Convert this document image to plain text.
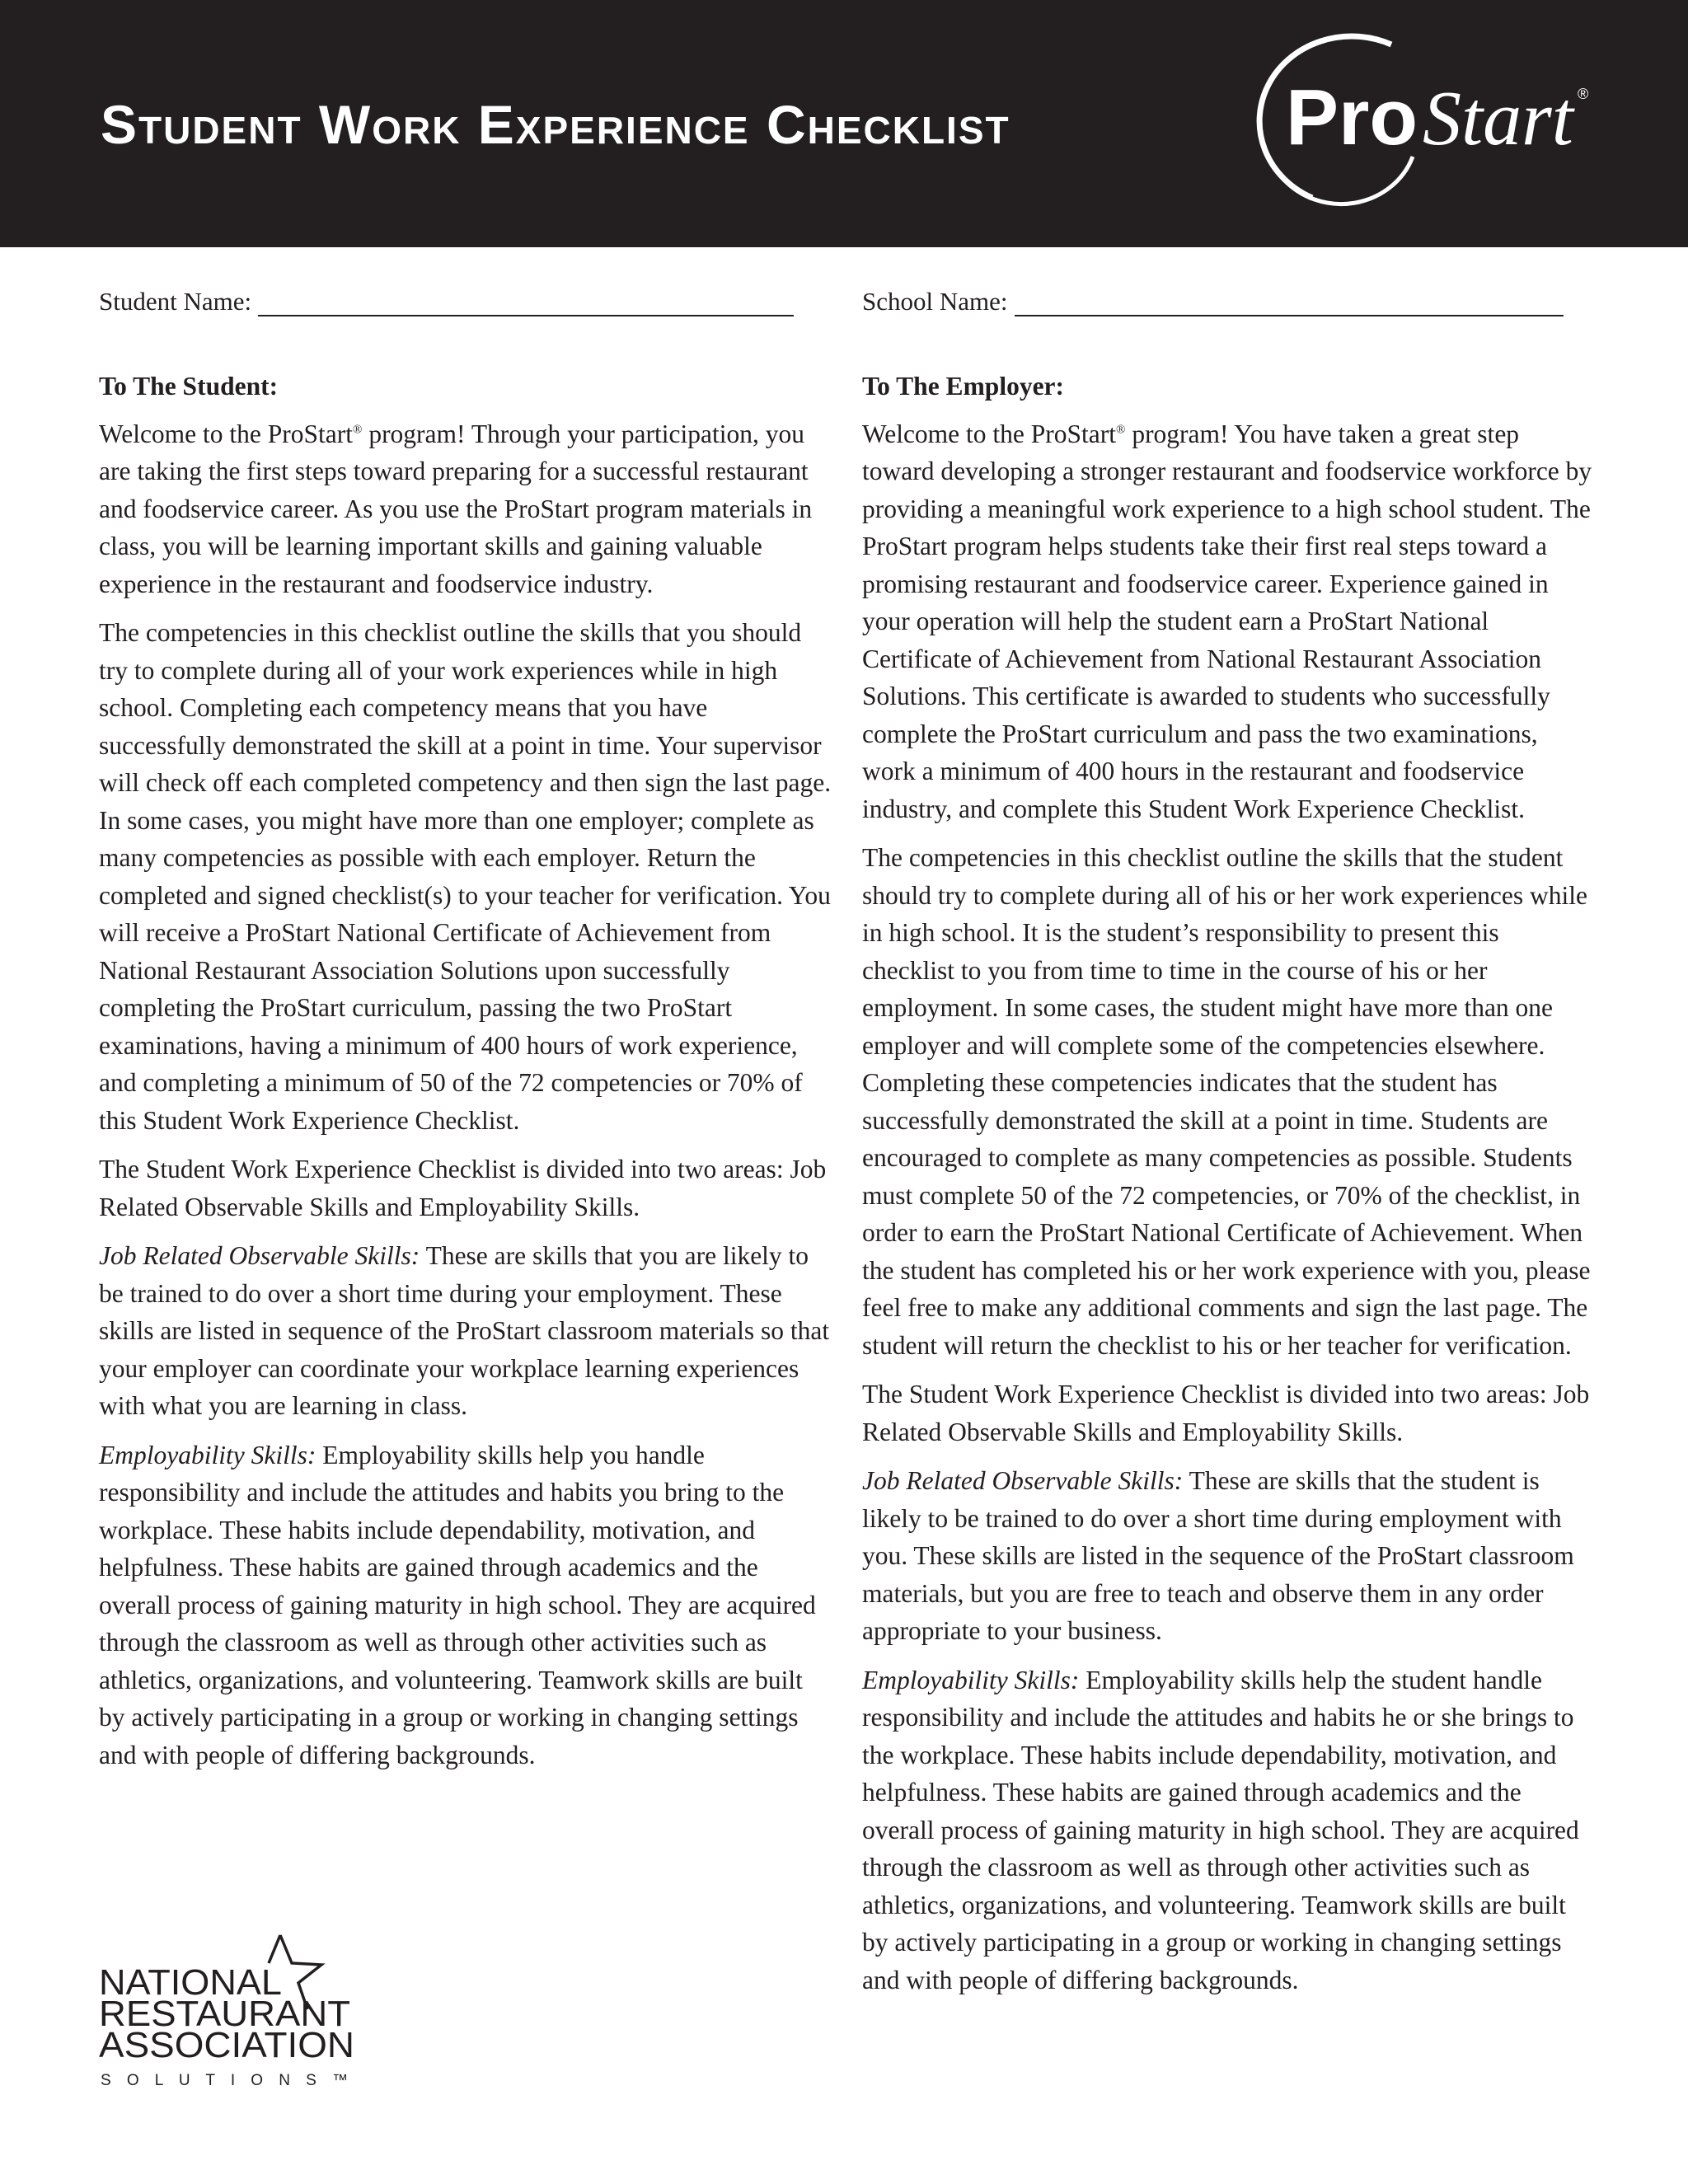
Student Work Experience Checklist	Pro Start ®
Student Name:	School Name:
To The Student:

Welcome to the ProStart® program! Through your participation, you are taking the first steps toward preparing for a successful restaurant and foodservice career. As you use the ProStart program materials in class, you will be learning important skills and gaining valuable experience in the restaurant and foodservice industry.

The competencies in this checklist outline the skills that you should try to complete during all of your work experiences while in high school. Completing each competency means that you have successfully demonstrated the skill at a point in time. Your supervisor will check off each completed competency and then sign the last page. In some cases, you might have more than one employer; complete as many competencies as possible with each employer. Return the completed and signed checklist(s) to your teacher for verification. You will receive a ProStart National Certificate of Achievement from National Restaurant Association Solutions upon successfully completing the ProStart curriculum, passing the two ProStart examinations, having a minimum of 400 hours of work experience, and completing a minimum of 50 of the 72 competencies or 70% of this Student Work Experience Checklist.

The Student Work Experience Checklist is divided into two areas: Job Related Observable Skills and Employability Skills.

Job Related Observable Skills: These are skills that you are likely to be trained to do over a short time during your employment. These skills are listed in sequence of the ProStart classroom materials so that your employer can coordinate your workplace learning experiences with what you are learning in class.

Employability Skills: Employability skills help you handle responsibility and include the attitudes and habits you bring to the workplace. These habits include dependability, motivation, and helpfulness. These habits are gained through academics and the overall process of gaining maturity in high school. They are acquired through the classroom as well as through other activities such as athletics, organizations, and volunteering. Teamwork skills are built by actively participating in a group or working in changing settings and with people of differing backgrounds.

To The Employer:

Welcome to the ProStart® program! You have taken a great step toward developing a stronger restaurant and foodservice workforce by providing a meaningful work experience to a high school student. The ProStart program helps students take their first real steps toward a promising restaurant and foodservice career. Experience gained in your operation will help the student earn a ProStart National Certificate of Achievement from National Restaurant Association Solutions. This certificate is awarded to students who successfully complete the ProStart curriculum and pass the two examinations, work a minimum of 400 hours in the restaurant and foodservice industry, and complete this Student Work Experience Checklist.

The competencies in this checklist outline the skills that the student should try to complete during all of his or her work experiences while in high school. It is the student’s responsibility to present this checklist to you from time to time in the course of his or her employment. In some cases, the student might have more than one employer and will complete some of the competencies elsewhere. Completing these competencies indicates that the student has successfully demonstrated the skill at a point in time. Students are encouraged to complete as many competencies as possible. Students must complete 50 of the 72 competencies, or 70% of the checklist, in order to earn the ProStart National Certificate of Achievement. When the student has completed his or her work experience with you, please feel free to make any additional comments and sign the last page. The student will return the checklist to his or her teacher for verification.

The Student Work Experience Checklist is divided into two areas: Job Related Observable Skills and Employability Skills.

Job Related Observable Skills: These are skills that the student is likely to be trained to do over a short time during employment with you. These skills are listed in the sequence of the ProStart classroom materials, but you are free to teach and observe them in any order appropriate to your business.

Employability Skills: Employability skills help the student handle responsibility and include the attitudes and habits he or she brings to the workplace. These habits include dependability, motivation, and helpfulness. These habits are gained through academics and the overall process of gaining maturity in high school. They are acquired through the classroom as well as through other activities such as athletics, organizations, and volunteering. Teamwork skills are built by actively participating in a group or working in changing settings and with people of differing backgrounds.

NATIONAL
RESTAURANT
ASSOCIATION
S O L U T I O N S ™
